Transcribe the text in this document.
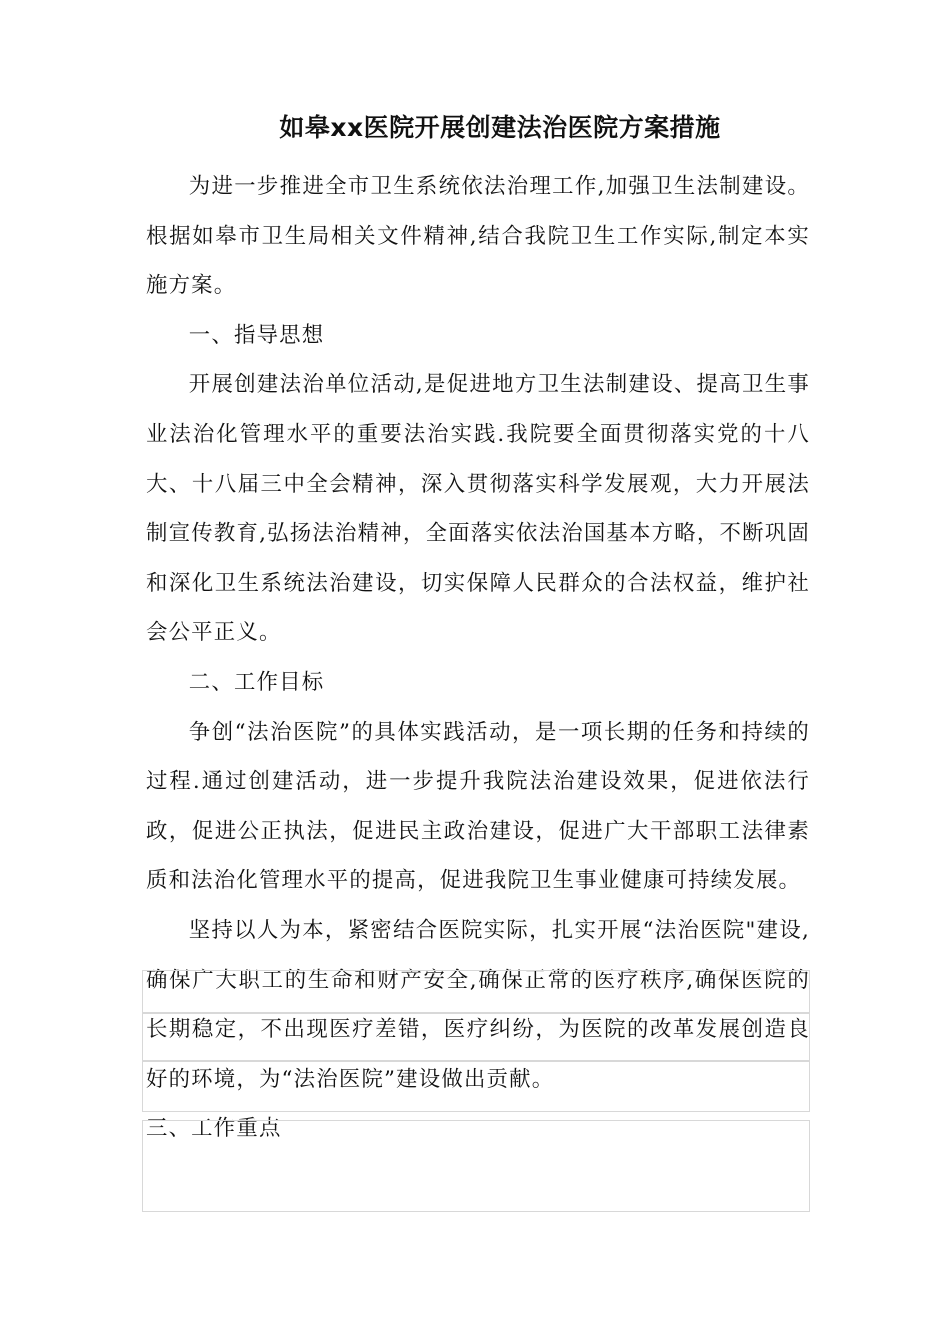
如皋xx医院开展创建法治医院方案措施

为进一步推进全市卫生系统依法治理工作,加强卫生法制建设。根据如皋市卫生局相关文件精神,结合我院卫生工作实际,制定本实施方案。

一、指导思想

开展创建法治单位活动,是促进地方卫生法制建设、提高卫生事业法治化管理水平的重要法治实践.我院要全面贯彻落实党的十八大、十八届三中全会精神，深入贯彻落实科学发展观，大力开展法制宣传教育,弘扬法治精神，全面落实依法治国基本方略，不断巩固和深化卫生系统法治建设，切实保障人民群众的合法权益，维护社会公平正义。

二、工作目标

争创“法治医院”的具体实践活动，是一项长期的任务和持续的过程.通过创建活动，进一步提升我院法治建设效果，促进依法行政，促进公正执法，促进民主政治建设，促进广大干部职工法律素质和法治化管理水平的提高，促进我院卫生事业健康可持续发展。

坚持以人为本，紧密结合医院实际，扎实开展“法治医院"建设,确保广大职工的生命和财产安全,确保正常的医疗秩序,确保医院的长期稳定，不出现医疗差错，医疗纠纷，为医院的改革发展创造良好的环境，为“法治医院”建设做出贡献。

三、工作重点
